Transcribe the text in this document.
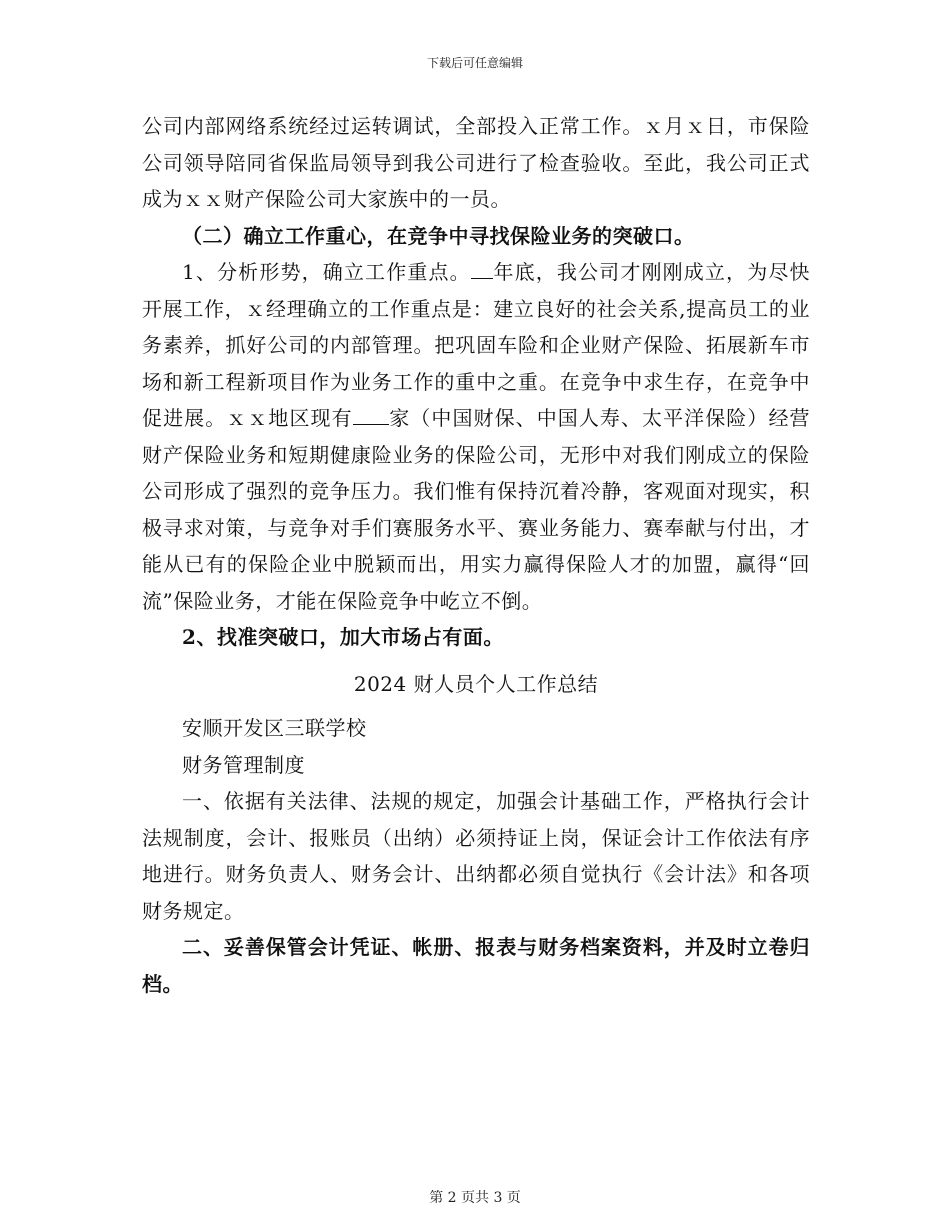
下载后可任意编辑

公司内部网络系统经过运转调试，全部投入正常工作。ｘ月ｘ日，市保险公司领导陪同省保监局领导到我公司进行了检查验收。至此，我公司正式成为ｘｘ财产保险公司大家族中的一员。

（二）确立工作重心，在竞争中寻找保险业务的突破口。

1、分析形势，确立工作重点。 年底，我公司才刚刚成立，为尽快开展工作，ｘ经理确立的工作重点是：建立良好的社会关系,提高员工的业务素养，抓好公司的内部管理。把巩固车险和企业财产保险、拓展新车市场和新工程新项目作为业务工作的重中之重。在竞争中求生存，在竞争中促进展。ｘｘ地区现有 家（中国财保、中国人寿、太平洋保险）经营财产保险业务和短期健康险业务的保险公司，无形中对我们刚成立的保险公司形成了强烈的竞争压力。我们惟有保持沉着冷静，客观面对现实，积极寻求对策，与竞争对手们赛服务水平、赛业务能力、赛奉献与付出，才能从已有的保险企业中脱颖而出，用实力赢得保险人才的加盟，赢得“回流”保险业务，才能在保险竞争中屹立不倒。

2、找准突破口，加大市场占有面。

2024 财人员个人工作总结

安顺开发区三联学校

财务管理制度

一、依据有关法律、法规的规定，加强会计基础工作，严格执行会计法规制度，会计、报账员（出纳）必须持证上岗，保证会计工作依法有序地进行。财务负责人、财务会计、出纳都必须自觉执行《会计法》和各项财务规定。

二、妥善保管会计凭证、帐册、报表与财务档案资料，并及时立卷归档。

第 2 页共 3 页
